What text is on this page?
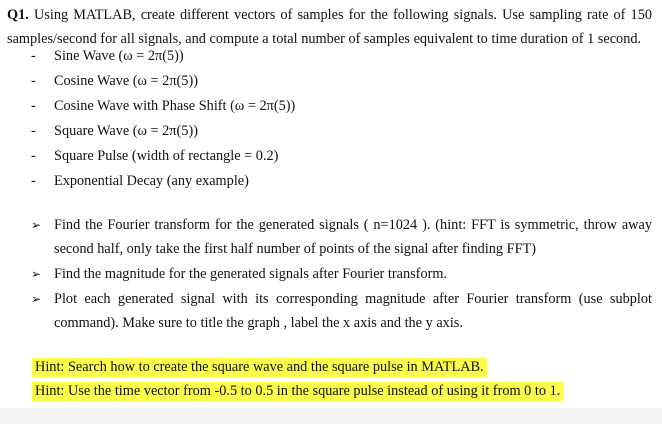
Q1. Using MATLAB, create different vectors of samples for the following signals. Use sampling rate of 150 samples/second for all signals, and compute a total number of samples equivalent to time duration of 1 second.
- Sine Wave (ω = 2π(5))
- Cosine Wave (ω = 2π(5))
- Cosine Wave with Phase Shift (ω = 2π(5))
- Square Wave (ω = 2π(5))
- Square Pulse (width of rectangle = 0.2)
- Exponential Decay (any example)
➢ Find the Fourier transform for the generated signals ( n=1024 ). (hint: FFT is symmetric, throw away second half, only take the first half number of points of the signal after finding FFT)
➢ Find the magnitude for the generated signals after Fourier transform.
➢ Plot each generated signal with its corresponding magnitude after Fourier transform (use subplot command). Make sure to title the graph , label the x axis and the y axis.
Hint: Search how to create the square wave and the square pulse in MATLAB.
Hint: Use the time vector from -0.5 to 0.5 in the square pulse instead of using it from 0 to 1.
